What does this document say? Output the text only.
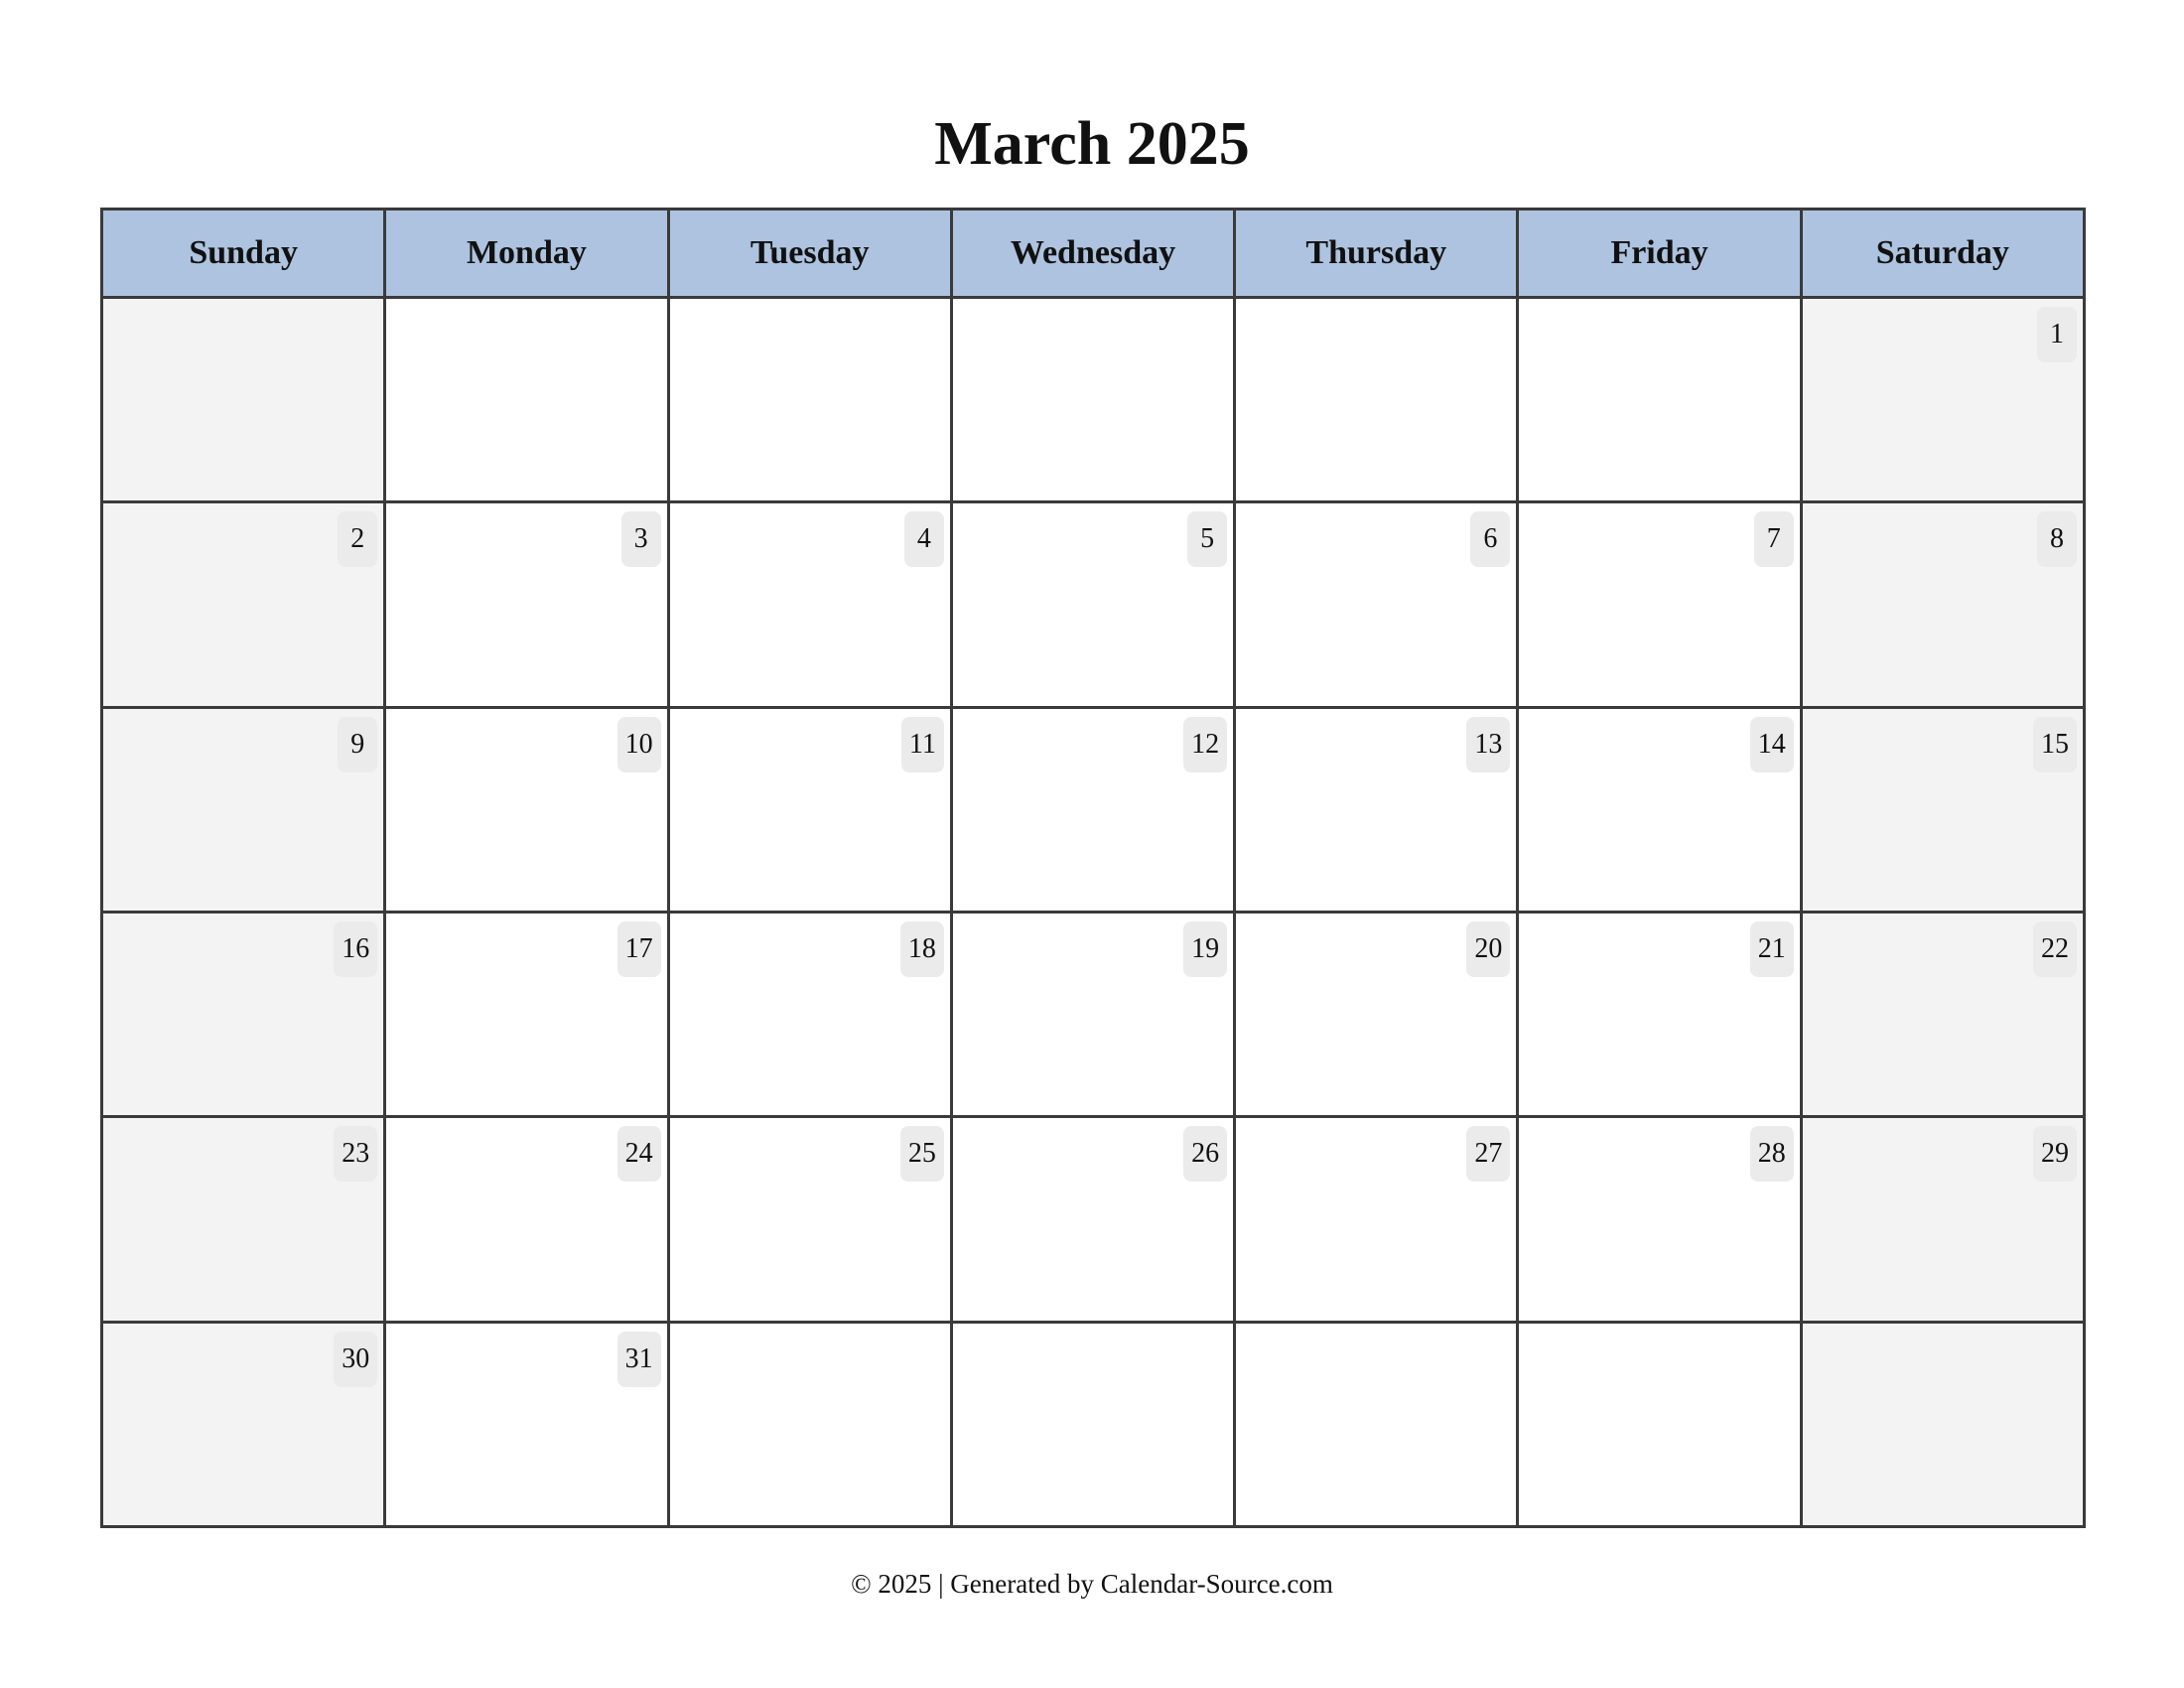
March 2025
Sunday	Monday	Tuesday	Wednesday	Thursday	Friday	Saturday
						1
2	3	4	5	6	7	8
9	10	11	12	13	14	15
16	17	18	19	20	21	22
23	24	25	26	27	28	29
30	31					
© 2025 | Generated by Calendar-Source.com
